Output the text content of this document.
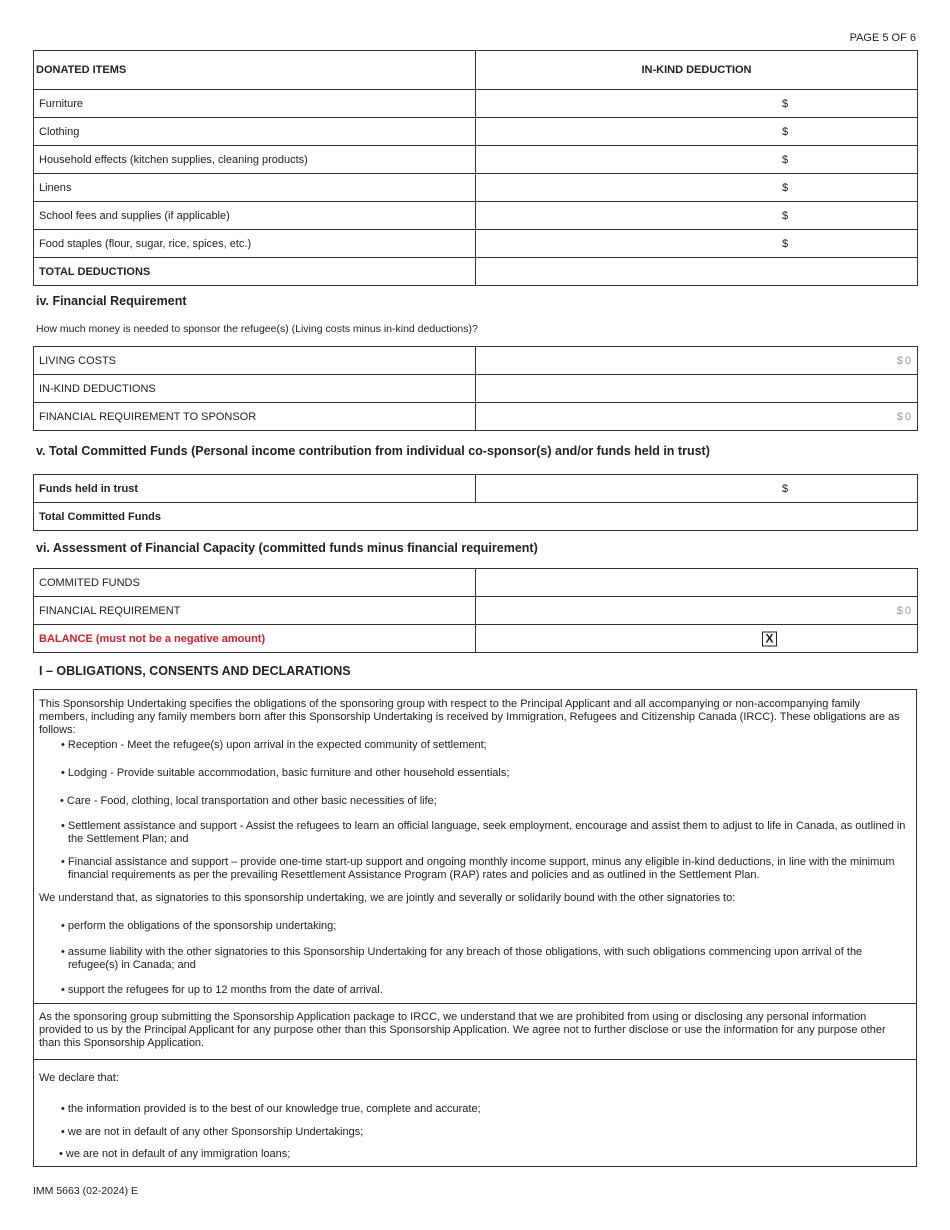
PAGE 5 OF 6
DONATED ITEMS	IN-KIND DEDUCTION
Furniture	$

Clothing	$

Household effects (kitchen supplies, cleaning products)	$

Linens	$

School fees and supplies (if applicable)	$

Food staples (flour, sugar, rice, spices, etc.)	$

TOTAL DEDUCTIONS	
iv. Financial Requirement
How much money is needed to sponsor the refugee(s) (Living costs minus in-kind deductions)?
LIVING COSTS	$0

IN-KIND DEDUCTIONS	
FINANCIAL REQUIREMENT TO SPONSOR	$0
v. Total Committed Funds (Personal income contribution from individual co-sponsor(s) and/or funds held in trust)
Funds held in trust	$

Total Committed Funds
vi. Assessment of Financial Capacity (committed funds minus financial requirement)
COMMITED FUNDS	
FINANCIAL REQUIREMENT	$0

BALANCE (must not be a negative amount)	X
I – OBLIGATIONS, CONSENTS AND DECLARATIONS

This Sponsorship Undertaking specifies the obligations of the sponsoring group with respect to the Principal Applicant and all accompanying or non-accompanying family members, including any family members born after this Sponsorship Undertaking is received by Immigration, Refugees and Citizenship Canada (IRCC). These obligations are as follows:

• Reception - Meet the refugee(s) upon arrival in the expected community of settlement;
• Lodging - Provide suitable accommodation, basic furniture and other household essentials;
• Care - Food, clothing, local transportation and other basic necessities of life;
• Settlement assistance and support - Assist the refugees to learn an official language, seek employment, encourage and assist them to adjust to life in Canada, as outlined in the Settlement Plan; and
• Financial assistance and support – provide one-time start-up support and ongoing monthly income support, minus any eligible in-kind deductions, in line with the minimum financial requirements as per the prevailing Resettlement Assistance Program (RAP) rates and policies and as outlined in the Settlement Plan.

We understand that, as signatories to this sponsorship undertaking, we are jointly and severally or solidarily bound with the other signatories to:

• perform the obligations of the sponsorship undertaking;
• assume liability with the other signatories to this Sponsorship Undertaking for any breach of those obligations, with such obligations commencing upon arrival of the refugee(s) in Canada; and
• support the refugees for up to 12 months from the date of arrival.

As the sponsoring group submitting the Sponsorship Application package to IRCC, we understand that we are prohibited from using or disclosing any personal information provided to us by the Principal Applicant for any purpose other than this Sponsorship Application. We agree not to further disclose or use the information for any purpose other than this Sponsorship Application.

We declare that:

• the information provided is to the best of our knowledge true, complete and accurate;
• we are not in default of any other Sponsorship Undertakings;
• we are not in default of any immigration loans;
IMM 5663 (02-2024) E
